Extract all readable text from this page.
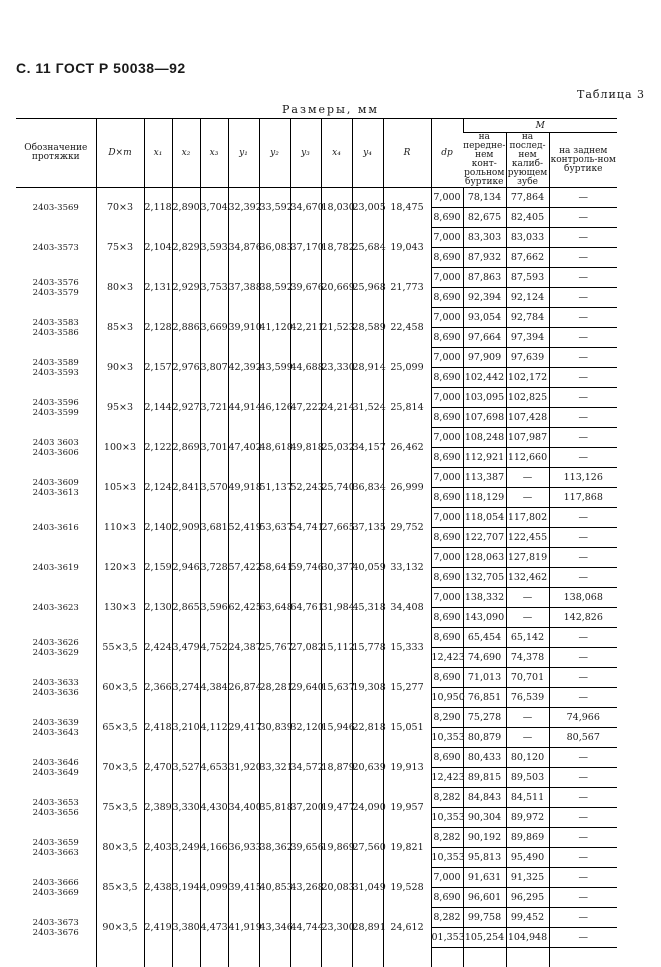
С. 11 ГОСТ Р 50038—92
Таблица 3
Размеры, мм
Обозначение протяжки	D×m	x₁	x₂	x₃	y₁	y₂	y₃	x₄	y₄	R	dp	M		
												на передне-нем конт-рольном буртике	на послед-нем калиб-рующем зубе	на заднем контроль-ном буртике
2403-3569	70×3	2,118	2,890	3,704	32,392	33,592	34,670	18,030	23,005	18,475	7,000	78,134	77,864	—
											8,690	82,675	82,405	—
2403-3573	75×3	2,104	2,829	3,593	34,876	36,083	37,170	18,782	25,684	19,043	7,000	83,303	83,033	—
											8,690	87,932	87,662	—
2403-3576
2403-3579	80×3	2,131	2,929	3,753	37,388	38,592	39,676	20,669	25,968	21,773	7,000	87,863	87,593	—
											8,690	92,394	92,124	—
2403-3583
2403-3586	85×3	2,128	2,886	3,669	39,910	41,120	42,211	21,523	28,589	22,458	7,000	93,054	92,784	—
											8,690	97,664	97,394	—
2403-3589
2403-3593	90×3	2,157	2,976	3,807	42,392	43,599	44,688	23,330	28,914	25,099	7,000	97,909	97,639	—
											8,690	102,442	102,172	—
2403-3596
2403-3599	95×3	2,144	2,927	3,721	44,914	46,126	47,222	24,214	31,524	25,814	7,000	103,095	102,825	—
											8,690	107,698	107,428	—
2403 3603
2403-3606	100×3	2,122	2,869	3,701	47,402	48,618	49,818	25,032	34,157	26,462	7,000	108,248	107,987	—
											8,690	112,921	112,660	—
2403-3609
2403-3613	105×3	2,124	2,841	3,570	49,918	51,137	52,243	25,740	36,834	26,999	7,000	113,387	—	113,126
											8,690	118,129	—	117,868
2403-3616	110×3	2,140	2,909	3,681	52,419	53,637	54,741	27,665	37,135	29,752	7,000	118,054	117,802	—
											8,690	122,707	122,455	—
2403-3619	120×3	2,159	2,946	3,728	57,422	58,641	59,746	30,377	40,059	33,132	7,000	128,063	127,819	—
											8,690	132,705	132,462	—
2403-3623	130×3	2,130	2,865	3,596	62,425	63,648	64,761	31,984	45,318	34,408	7,000	138,332	—	138,068
											8,690	143,090	—	142,826
2403-3626
2403-3629	55×3,5	2,424	3,479	4,752	24,387	25,767	27,082	15,112	15,778	15,333	8,690	65,454	65,142	—
											12,423	74,690	74,378	—
2403-3633
2403-3636	60×3,5	2,366	3,274	4,384	26,874	28,281	29,640	15,637	19,308	15,277	8,690	71,013	70,701	—
											10,950	76,851	76,539	—
2403-3639
2403-3643	65×3,5	2,418	3,210	4,112	29,417	30,839	32,120	15,946	22,818	15,051	8,290	75,278	—	74,966
											10,353	80,879	—	80,567
2403-3646
2403-3649	70×3,5	2,470	3,527	4,653	31,920	33,321	34,572	18,879	20,639	19,913	8,690	80,433	80,120	—
											12,423	89,815	89,503	—
2403-3653
2403-3656	75×3,5	2,389	3,330	4,430	34,400	35,818	37,200	19,477	24,090	19,957	8,282	84,843	84,511	—
											10,353	90,304	89,972	—
2403-3659
2403-3663	80×3,5	2,403	3,249	4,166	36,933	38,362	39,656	19,869	27,560	19,821	8,282	90,192	89,869	—
											10,353	95,813	95,490	—
2403-3666
2403-3669	85×3,5	2,438	3,194	4,099	39,415	40,853	43,268	20,083	31,049	19,528	7,000	91,631	91,325	—
											8,690	96,601	96,295	—
2403-3673
2403-3676	90×3,5	2,419	3,380	4,473	41,919	43,346	44,744	23,300	28,891	24,612	8,282	99,758	99,452	—
											01,353	105,254	104,948	—
